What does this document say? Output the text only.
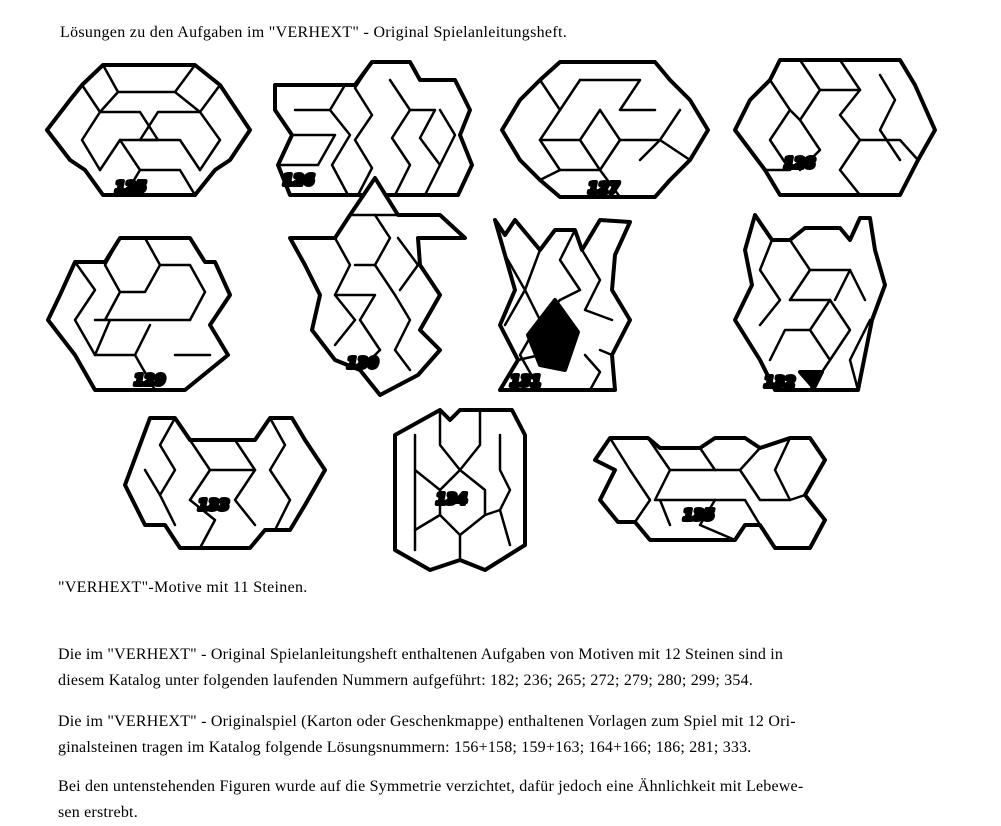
Lösungen zu den Aufgaben im "VERHEXT" - Original Spielanleitungsheft.
125	126	127
128
129
130
131	132
133	134
135
"VERHEXT"-Motive mit 11 Steinen.

Die im "VERHEXT" - Original Spielanleitungsheft enthaltenen Aufgaben von Motiven mit 12 Steinen sind in
diesem Katalog unter folgenden laufenden Nummern aufgeführt: 182; 236; 265; 272; 279; 280; 299; 354.

Die im "VERHEXT" - Originalspiel (Karton oder Geschenkmappe) enthaltenen Vorlagen zum Spiel mit 12 Ori-
ginalsteinen tragen im Katalog folgende Lösungsnummern: 156+158; 159+163; 164+166; 186; 281; 333.

Bei den untenstehenden Figuren wurde auf die Symmetrie verzichtet, dafür jedoch eine Ähnlichkeit mit Lebewe-
sen erstrebt.
